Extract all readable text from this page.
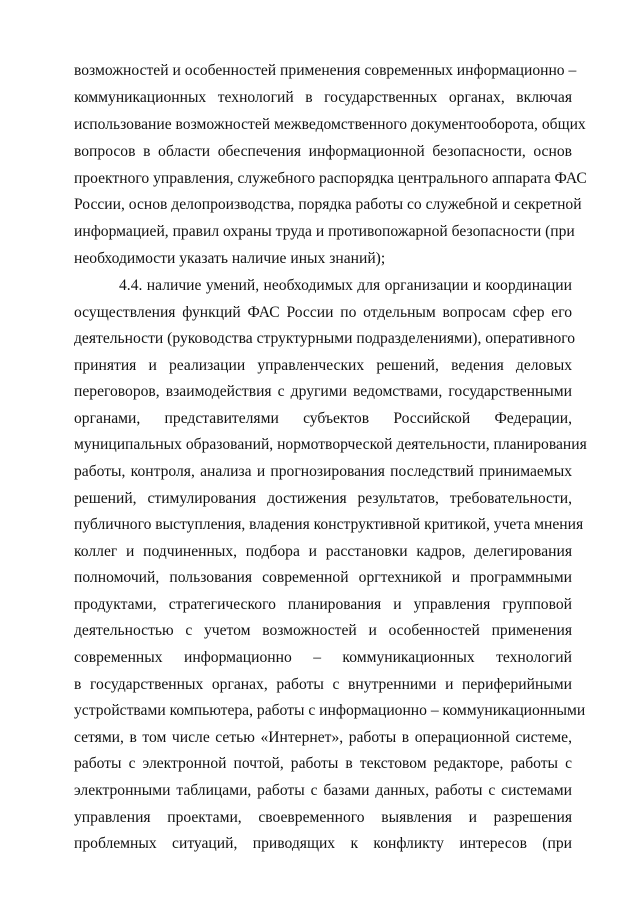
возможностей и особенностей применения современных информационно –
коммуникационных технологий в государственных органах, включая
использование возможностей межведомственного документооборота, общих
вопросов в области обеспечения информационной безопасности, основ
проектного управления, служебного распорядка центрального аппарата ФАС
России, основ делопроизводства, порядка работы со служебной и секретной
информацией, правил охраны труда и противопожарной безопасности (при
необходимости указать наличие иных знаний);
4.4. наличие умений, необходимых для организации и координации
осуществления функций ФАС России по отдельным вопросам сфер его
деятельности (руководства структурными подразделениями), оперативного
принятия и реализации управленческих решений, ведения деловых
переговоров, взаимодействия с другими ведомствами, государственными
органами, представителями субъектов Российской Федерации,
муниципальных образований, нормотворческой деятельности, планирования
работы, контроля, анализа и прогнозирования последствий принимаемых
решений, стимулирования достижения результатов, требовательности,
публичного выступления, владения конструктивной критикой, учета мнения
коллег и подчиненных, подбора и расстановки кадров, делегирования
полномочий, пользования современной оргтехникой и программными
продуктами, стратегического планирования и управления групповой
деятельностью с учетом возможностей и особенностей применения
современных информационно – коммуникационных технологий
в государственных органах, работы с внутренними и периферийными
устройствами компьютера, работы с информационно – коммуникационными
сетями, в том числе сетью «Интернет», работы в операционной системе,
работы с электронной почтой, работы в текстовом редакторе, работы с
электронными таблицами, работы с базами данных, работы с системами
управления проектами, своевременного выявления и разрешения
проблемных ситуаций, приводящих к конфликту интересов (при
